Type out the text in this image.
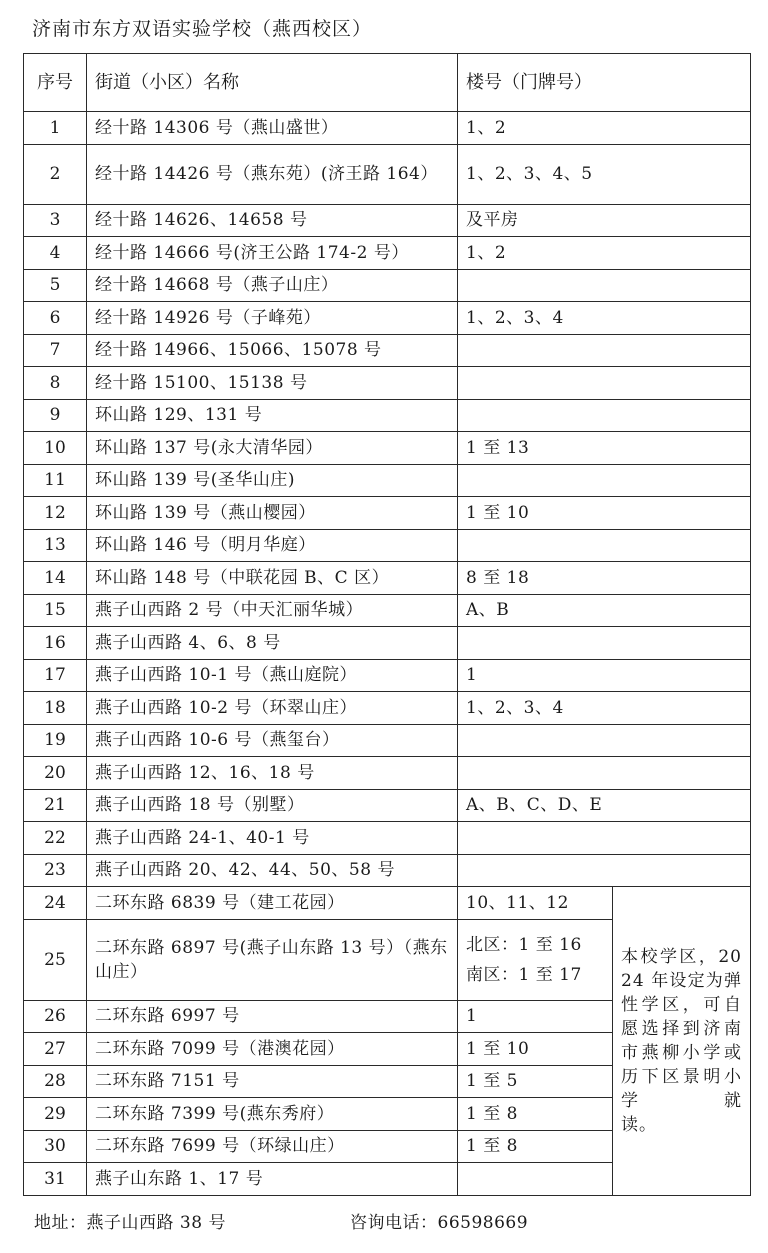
济南市东方双语实验学校（燕西校区）
序号	街道（小区）名称	楼号（门牌号）	
1	经十路 14306 号（燕山盛世）	1、2	
2	经十路 14426 号（燕东苑）(济王路 164）	1、2、3、4、5	
3	经十路 14626、14658 号	及平房	
4	经十路 14666 号(济王公路 174-2 号）	1、2	
5	经十路 14668 号（燕子山庄）		
6	经十路 14926 号（子峰苑）	1、2、3、4	
7	经十路 14966、15066、15078 号		
8	经十路 15100、15138 号		
9	环山路 129、131 号		
10	环山路 137 号(永大清华园）	1 至 13	
11	环山路 139 号(圣华山庄)		
12	环山路 139 号（燕山樱园）	1 至 10	
13	环山路 146 号（明月华庭）		
14	环山路 148 号（中联花园 B、C 区）	8 至 18	
15	燕子山西路 2 号（中天汇丽华城）	A、B	
16	燕子山西路 4、6、8 号		
17	燕子山西路 10-1 号（燕山庭院）	1	
18	燕子山西路 10-2 号（环翠山庄）	1、2、3、4	
19	燕子山西路 10-6 号（燕玺台）		
20	燕子山西路 12、16、18 号		
21	燕子山西路 18 号（别墅）	A、B、C、D、E	
22	燕子山西路 24-1、40-1 号		
23	燕子山西路 20、42、44、50、58 号		
24	二环东路 6839 号（建工花园）	10、11、12	本校学区，2024 年设定为弹性学区，可自愿选择到济南市燕柳小学或历下区景明小学就
读。

25	二环东路 6897 号(燕子山东路 13 号）（燕东山庄）	北区：1 至 16
南区：1 至 17	

26	二环东路 6997 号	1	
27	二环东路 7099 号（港澳花园）	1 至 10	
28	二环东路 7151 号	1 至 5	
29	二环东路 7399 号(燕东秀府）	1 至 8	
30	二环东路 7699 号（环绿山庄）	1 至 8	
31	燕子山东路 1、17 号		
地址：燕子山西路 38 号	咨询电话：66598669
